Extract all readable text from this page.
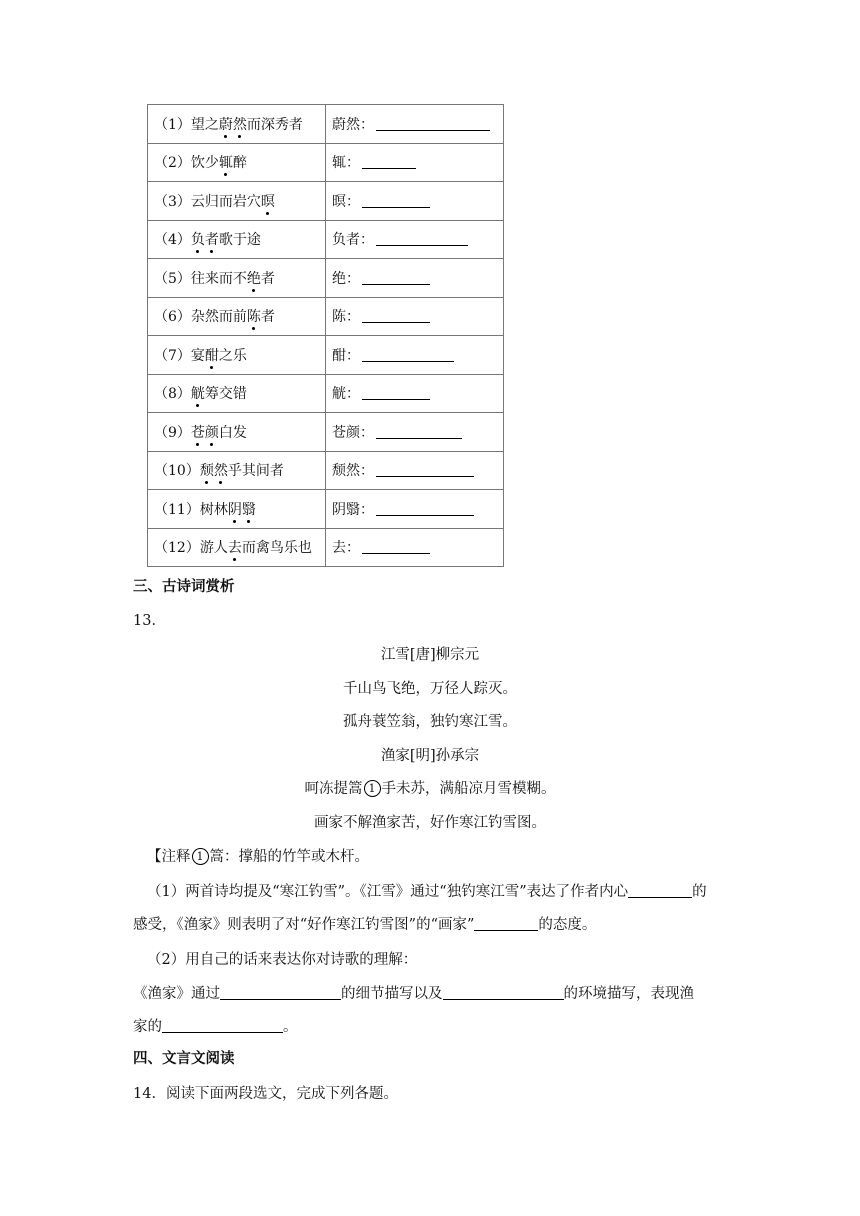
（1）望之蔚然而深秀者	蔚然：
（2）饮少辄醉	辄：
（3）云归而岩穴暝	暝：
（4）负者歌于途	负者：
（5）往来而不绝者	绝：
（6）杂然而前陈者	陈：
（7）宴酣之乐	酣：
（8）觥筹交错	觥：
（9）苍颜白发	苍颜：
（10）颓然乎其间者	颓然：
（11）树林阴翳	阴翳：
（12）游人去而禽鸟乐也	去：
三、古诗词赏析
13．
江雪[唐]柳宗元
千山鸟飞绝，万径人踪灭。
孤舟蓑笠翁，独钓寒江雪。
渔家[明]孙承宗
呵冻提篙 1 手未苏，满船凉月雪模糊。
画家不解渔家苦，好作寒江钓雪图。
【注释 1 篙：撑船的竹竿或木杆。
（1）两首诗均提及“寒江钓雪”。《江雪》通过“独钓寒江雪”表达了作者内心	的
感受，《渔家》则表明了对“好作寒江钓雪图”的“画家”	的态度。
（2）用自己的话来表达你对诗歌的理解：
《渔家》通过	的细节描写以及	的环境描写，表现渔
家的	。
四、文言文阅读
14．阅读下面两段选文，完成下列各题。
